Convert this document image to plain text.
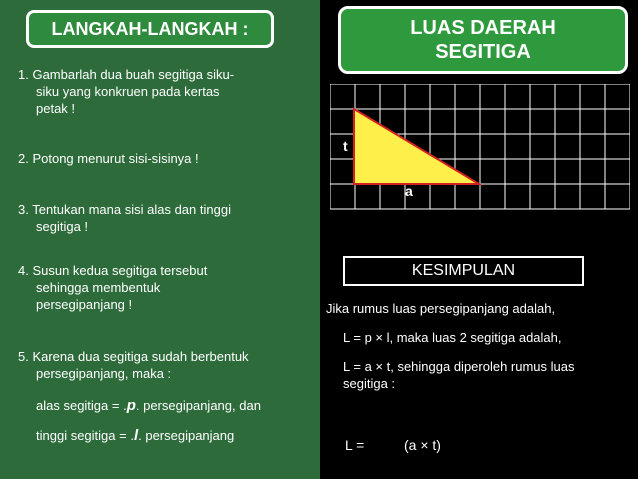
LANGKAH-LANGKAH :
1. Gambarlah dua buah segitiga siku-
siku yang konkruen pada kertas
petak !
2. Potong menurut sisi-sisinya !
3. Tentukan mana sisi alas dan tinggi
segitiga !
4. Susun kedua segitiga tersebut
sehingga membentuk
persegipanjang !
5. Karena dua segitiga sudah berbentuk
persegipanjang, maka :
alas segitiga = .p. persegipanjang, dan
tinggi segitiga = .l. persegipanjang
LUAS DAERAH
SEGITIGA
t
a
KESIMPULAN
Jika rumus luas persegipanjang adalah,
L = p × l, maka luas 2 segitiga adalah,
L = a × t, sehingga diperoleh rumus luas
segitiga :
L =	(a × t)
